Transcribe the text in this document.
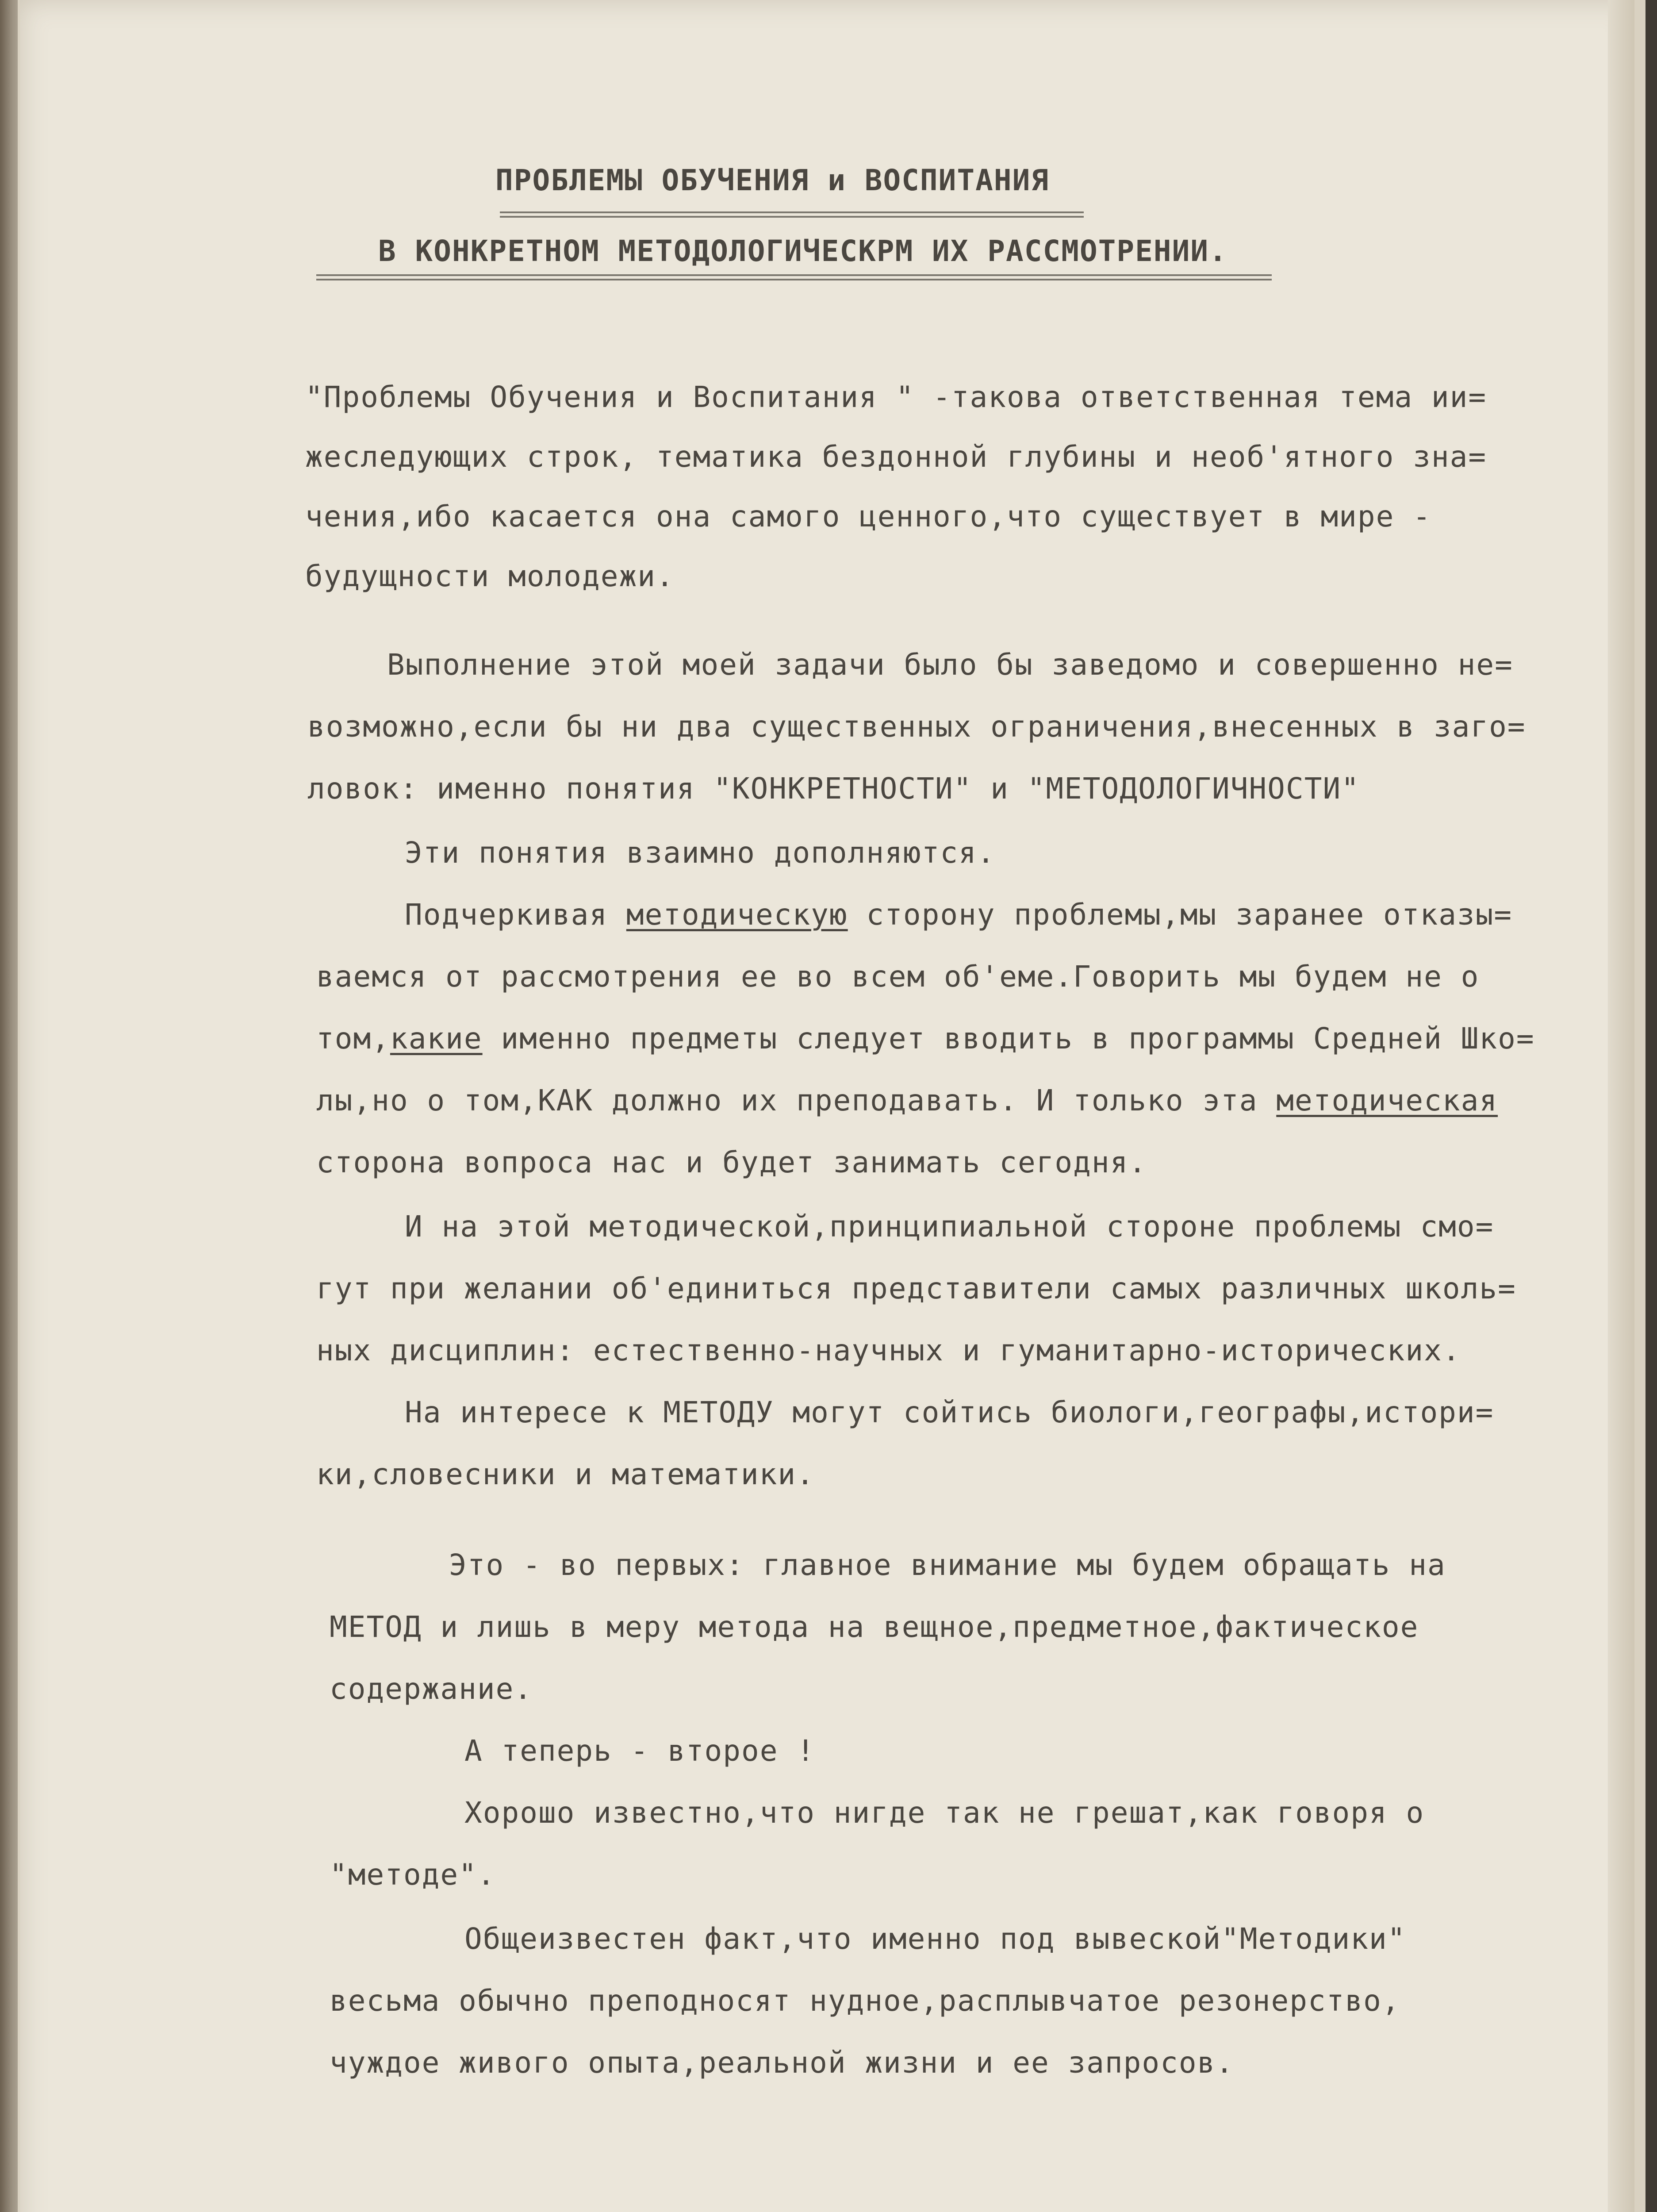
ПРОБЛЕМЫ ОБУЧЕНИЯ и ВОСПИТАНИЯ
В КОНКРЕТНОМ МЕТОДОЛОГИЧЕСКРМ ИХ РАССМОТРЕНИИ.
"Проблемы Обучения и Воспитания " -такова ответственная тема ии=
жеследующих строк, тематика бездонной глубины и необ'ятного зна=
чения,ибо касается она самого ценного,что существует в мире -
будущности молодежи.
Выполнение этой моей задачи было бы заведомо и совершенно не=
возможно,если бы ни два существенных ограничения,внесенных в заго=
ловок: именно понятия "КОНКРЕТНОСТИ" и "МЕТОДОЛОГИЧНОСТИ"
Эти понятия взаимно дополняются.
Подчеркивая методическую сторону проблемы,мы заранее отказы=
ваемся от рассмотрения ее во всем об'еме.Говорить мы будем не о
том,какие именно предметы следует вводить в программы Средней Шко=
лы,но о том,КАК должно их преподавать. И только эта методическая
сторона вопроса нас и будет занимать сегодня.
И на этой методической,принципиальной стороне проблемы смо=
гут при желании об'единиться представители самых различных школь=
ных дисциплин: естественно-научных и гуманитарно-исторических.
На интересе к МЕТОДУ могут сойтись биологи,географы,истори=
ки,словесники и математики.
Это - во первых: главное внимание мы будем обращать на
МЕТОД и лишь в меру метода на вещное,предметное,фактическое
содержание.
А теперь - второе !
Хорошо известно,что нигде так не грешат,как говоря о
"методе".
Общеизвестен факт,что именно под вывеской"Методики"
весьма обычно преподносят нудное,расплывчатое резонерство,
чуждое живого опыта,реальной жизни и ее запросов.
